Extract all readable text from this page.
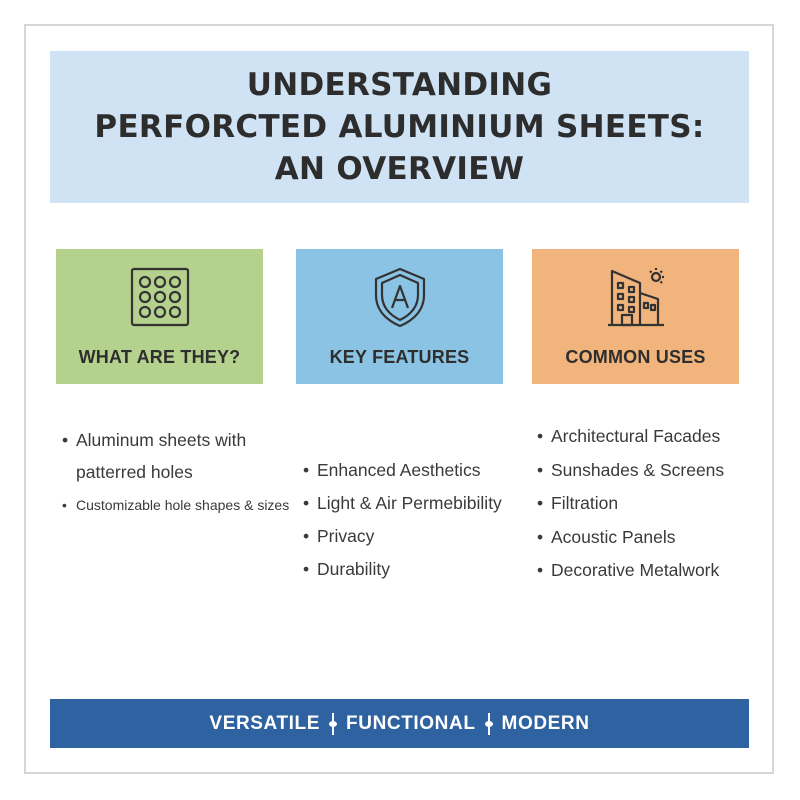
UNDERSTANDING
PERFORCTED ALUMINIUM SHEETS:
AN OVERVIEW
WHAT ARE THEY?	KEY FEATURES	COMMON USES
• Aluminum sheets with
patterred holes
• Customizable hole shapes & sizes
• Enhanced Aesthetics
• Light & Air Permebibility
• Privacy
• Durability
• Architectural Facades
• Sunshades & Screens
• Filtration
• Acoustic Panels
• Decorative Metalwork
VERSATILE FUNCTIONAL MODERN
